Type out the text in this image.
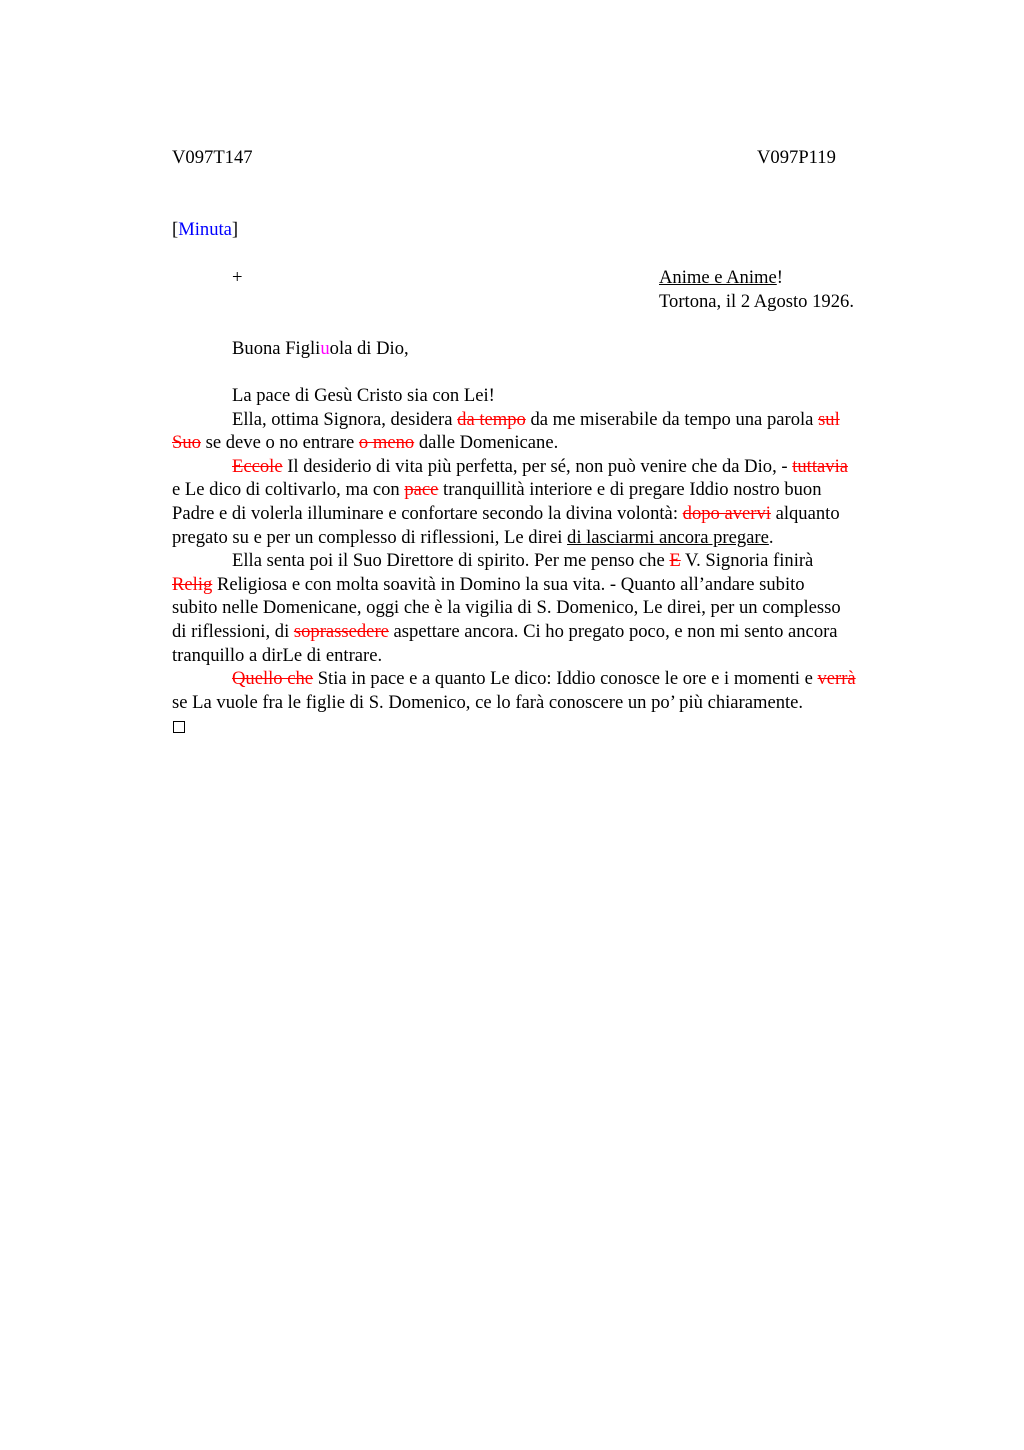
V097T147	V097P119
[Minuta]
+	Anime e Anime!
Tortona, il 2 Agosto 1926.
Buona Figliuola di Dio,
La pace di Gesù Cristo sia con Lei!
Ella, ottima Signora, desidera da tempo da me miserabile da tempo una parola sul
Suo se deve o no entrare o meno dalle Domenicane.
Eccole Il desiderio di vita più perfetta, per sé, non può venire che da Dio, - tuttavia
e Le dico di coltivarlo, ma con pace tranquillità interiore e di pregare Iddio nostro buon
Padre e di volerla illuminare e confortare secondo la divina volontà: dopo avervi alquanto
pregato su e per un complesso di riflessioni, Le direi di lasciarmi ancora pregare.
Ella senta poi il Suo Direttore di spirito. Per me penso che E V. Signoria finirà
Relig Religiosa e con molta soavità in Domino la sua vita. - Quanto all’andare subito
subito nelle Domenicane, oggi che è la vigilia di S. Domenico, Le direi, per un complesso
di riflessioni, di soprassedere aspettare ancora. Ci ho pregato poco, e non mi sento ancora
tranquillo a dirLe di entrare.
Quello che Stia in pace e a quanto Le dico: Iddio conosce le ore e i momenti e verrà
se La vuole fra le figlie di S. Domenico, ce lo farà conoscere un po’ più chiaramente.
